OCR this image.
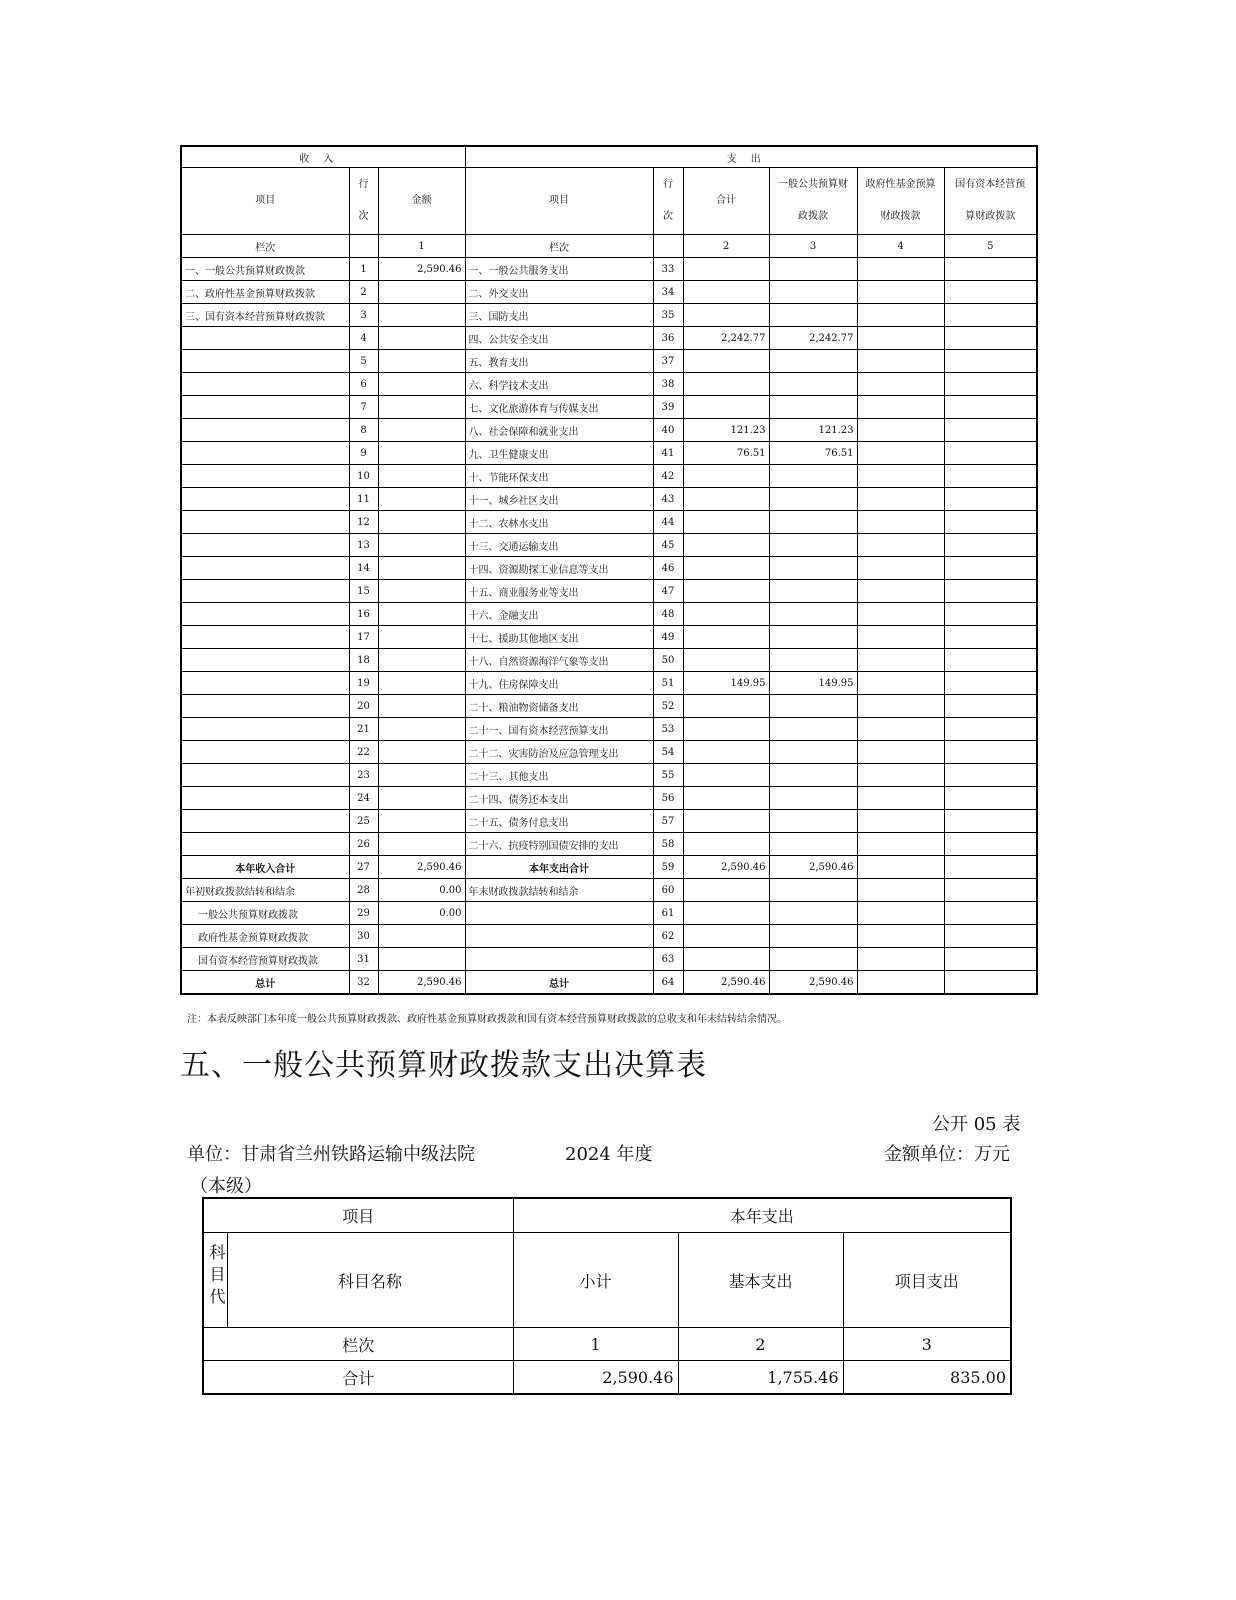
收入			支出					
项目	行次	金额	项目	行次	合计	一般公共预算财政拨款	政府性基金预算财政拨款	国有资本经营预算财政拨款
栏次		1	栏次		2	3	4	5
一、一般公共预算财政拨款	1	2,590.46	一、一般公共服务支出	33				
二、政府性基金预算财政拨款	2		二、外交支出	34				
三、国有资本经营预算财政拨款	3		三、国防支出	35				
	4		四、公共安全支出	36	2,242.77	2,242.77		
	5		五、教育支出	37				
	6		六、科学技术支出	38				
	7		七、文化旅游体育与传媒支出	39				
	8		八、社会保障和就业支出	40	121.23	121.23		
	9		九、卫生健康支出	41	76.51	76.51		
	10		十、节能环保支出	42				
	11		十一、城乡社区支出	43				
	12		十二、农林水支出	44				
	13		十三、交通运输支出	45				
	14		十四、资源勘探工业信息等支出	46				
	15		十五、商业服务业等支出	47				
	16		十六、金融支出	48				
	17		十七、援助其他地区支出	49				
	18		十八、自然资源海洋气象等支出	50				
	19		十九、住房保障支出	51	149.95	149.95		
	20		二十、粮油物资储备支出	52				
	21		二十一、国有资本经营预算支出	53				
	22		二十二、灾害防治及应急管理支出	54				
	23		二十三、其他支出	55				
	24		二十四、债务还本支出	56				
	25		二十五、债务付息支出	57				
	26		二十六、抗疫特别国债安排的支出	58				
本年收入合计	27	2,590.46	本年支出合计	59	2,590.46	2,590.46		
年初财政拨款结转和结余	28	0.00	年末财政拨款结转和结余	60				
一般公共预算财政拨款	29	0.00		61				
政府性基金预算财政拨款	30			62				
国有资本经营预算财政拨款	31			63				
总计	32	2,590.46	总计	64	2,590.46	2,590.46		
注：本表反映部门本年度一般公共预算财政拨款、政府性基金预算财政拨款和国有资本经营预算财政拨款的总收支和年末结转结余情况。
五、一般公共预算财政拨款支出决算表
公开 05 表
单位：甘肃省兰州铁路运输中级法院	2024 年度	金额单位：万元
（本级）
项目		本年支出		
科目代	科目名称	小计	基本支出	项目支出
栏次		1	2	3
合计		2,590.46	1,755.46	835.00
